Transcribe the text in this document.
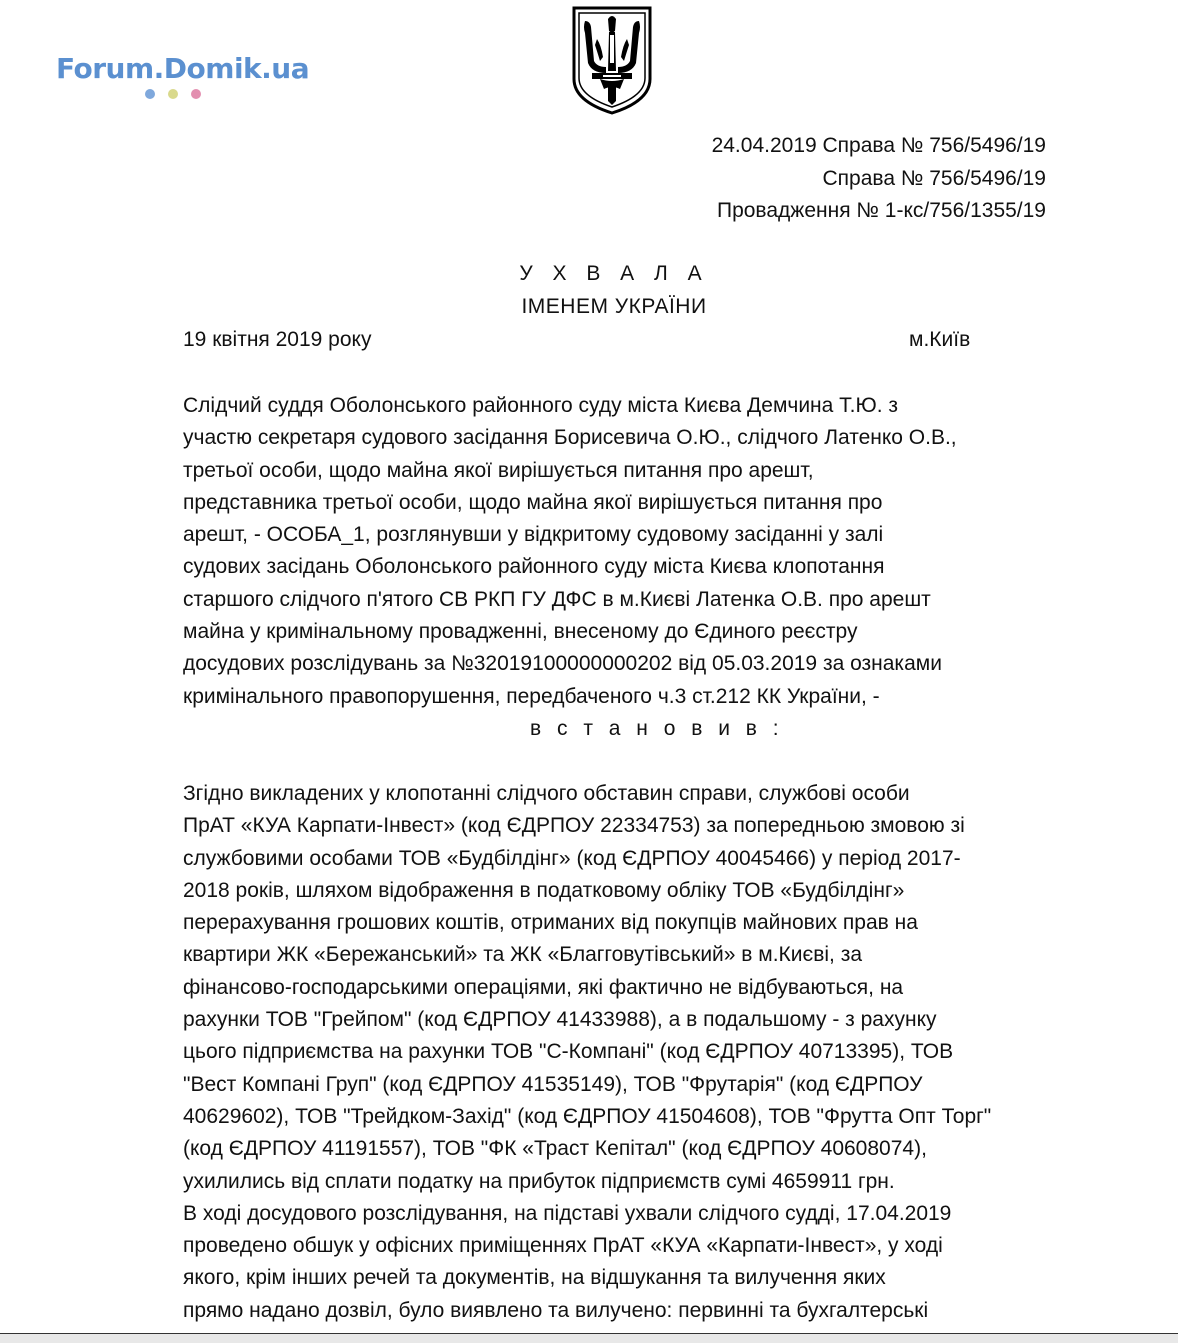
Forum.Domik.ua
24.04.2019 Справа № 756/5496/19
Справа № 756/5496/19
Провадження № 1-кс/756/1355/19
У Х В А Л А
ІМЕНЕМ УКРАЇНИ
19 квітня 2019 року	м.Київ
Слідчий суддя Оболонського районного суду міста Києва Демчина Т.Ю. з
участю секретаря судового засідання Борисевича О.Ю., слідчого Латенко О.В.,
третьої особи, щодо майна якої вирішується питання про арешт,
представника третьої особи, щодо майна якої вирішується питання про
арешт, - ОСОБА_1, розглянувши у відкритому судовому засіданні у залі
судових засідань Оболонського районного суду міста Києва клопотання
старшого слідчого п'ятого СВ РКП ГУ ДФС в м.Києві Латенка О.В. про арешт
майна у кримінальному провадженні, внесеному до Єдиного реєстру
досудових розслідувань за №32019100000000202 від 05.03.2019 за ознаками
кримінального правопорушення, передбаченого ч.3 ст.212 КК України, -
в с т а н о в и в :
Згідно викладених у клопотанні слідчого обставин справи, службові особи
ПрАТ «КУА Карпати-Інвест» (код ЄДРПОУ 22334753) за попередньою змовою зі
службовими особами ТОВ «Будбілдінг» (код ЄДРПОУ 40045466) у період 2017-
2018 років, шляхом відображення в податковому обліку ТОВ «Будбілдінг»
перерахування грошових коштів, отриманих від покупців майнових прав на
квартири ЖК «Бережанський» та ЖК «Благговутівський» в м.Києві, за
фінансово-господарськими операціями, які фактично не відбуваються, на
рахунки ТОВ "Грейпом" (код ЄДРПОУ 41433988), а в подальшому - з рахунку
цього підприємства на рахунки ТОВ "С-Компані" (код ЄДРПОУ 40713395), ТОВ
"Вест Компані Груп" (код ЄДРПОУ 41535149), ТОВ "Фрутарія" (код ЄДРПОУ
40629602), ТОВ "Трейдком-Захід" (код ЄДРПОУ 41504608), ТОВ "Фрутта Опт Торг"
(код ЄДРПОУ 41191557), ТОВ "ФК «Траст Кепітал" (код ЄДРПОУ 40608074),
ухилились від сплати податку на прибуток підприємств сумі 4659911 грн.
В ході досудового розслідування, на підставі ухвали слідчого судді, 17.04.2019
проведено обшук у офісних приміщеннях ПрАТ «КУА «Карпати-Інвест», у ході
якого, крім інших речей та документів, на відшукання та вилучення яких
прямо надано дозвіл, було виявлено та вилучено: первинні та бухгалтерські
